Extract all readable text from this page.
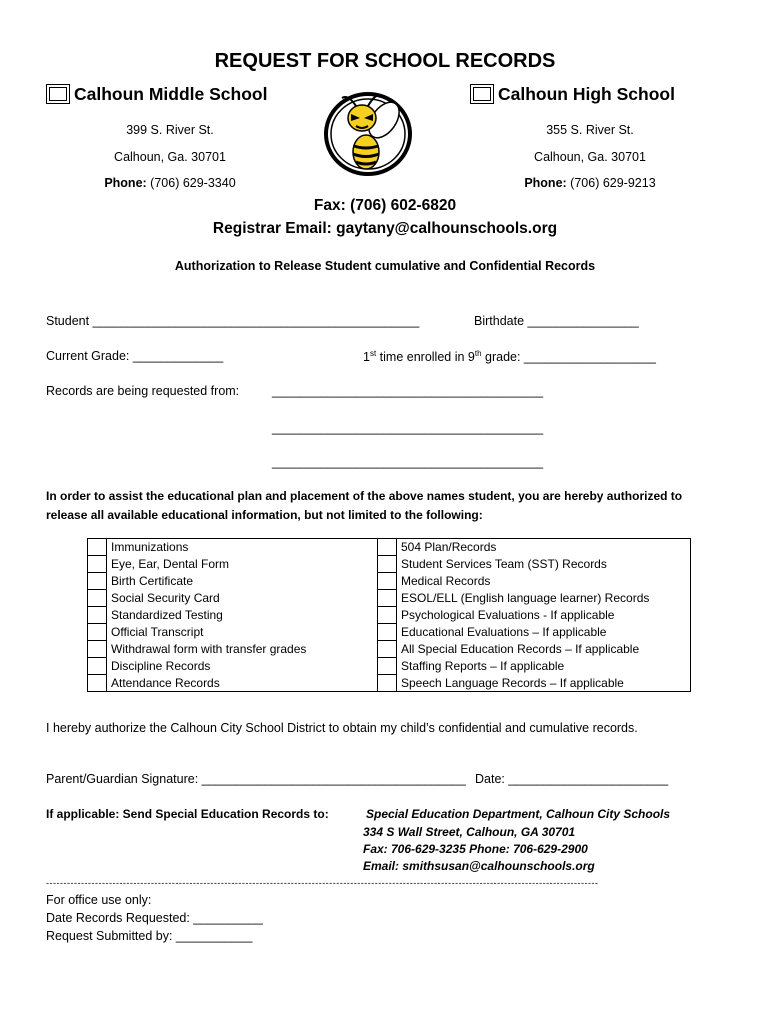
REQUEST FOR SCHOOL RECORDS
Calhoun Middle School
399 S. River St.
Calhoun, Ga. 30701
Phone: (706) 629-3340
Calhoun High School
355 S. River St.
Calhoun, Ga. 30701
Phone: (706) 629-9213
Fax: (706) 602-6820
Registrar Email: gaytany@calhounschools.org
Authorization to Release Student cumulative and Confidential Records
Student _______________________________________________	Birthdate ________________
Current Grade: _____________	1st time enrolled in 9th grade: ___________________
Records are being requested from:	_______________________________________
_______________________________________
_______________________________________
In order to assist the educational plan and placement of the above names student, you are hereby authorized to release all available educational information, but not limited to the following:
	Immunizations		504 Plan/Records
	Eye, Ear, Dental Form		Student Services Team (SST) Records
	Birth Certificate		Medical Records
	Social Security Card		ESOL/ELL (English language learner) Records
	Standardized Testing		Psychological Evaluations - If applicable
	Official Transcript		Educational Evaluations – If applicable
	Withdrawal form with transfer grades		All Special Education Records – If applicable
	Discipline Records		Staffing Reports – If applicable
	Attendance Records		Speech Language Records – If applicable
I hereby authorize the Calhoun City School District to obtain my child’s confidential and cumulative records.
Parent/Guardian Signature: ______________________________________ Date: _______________________
If applicable: Send Special Education Records to:	Special Education Department, Calhoun City Schools
334 S Wall Street, Calhoun, GA 30701
Fax: 706-629-3235 Phone: 706-629-2900
Email: smithsusan@calhounschools.org
--------------------------------------------------------------------------------------------------------------------------------------------------------------
For office use only:
Date Records Requested: __________
Request Submitted by: ___________
